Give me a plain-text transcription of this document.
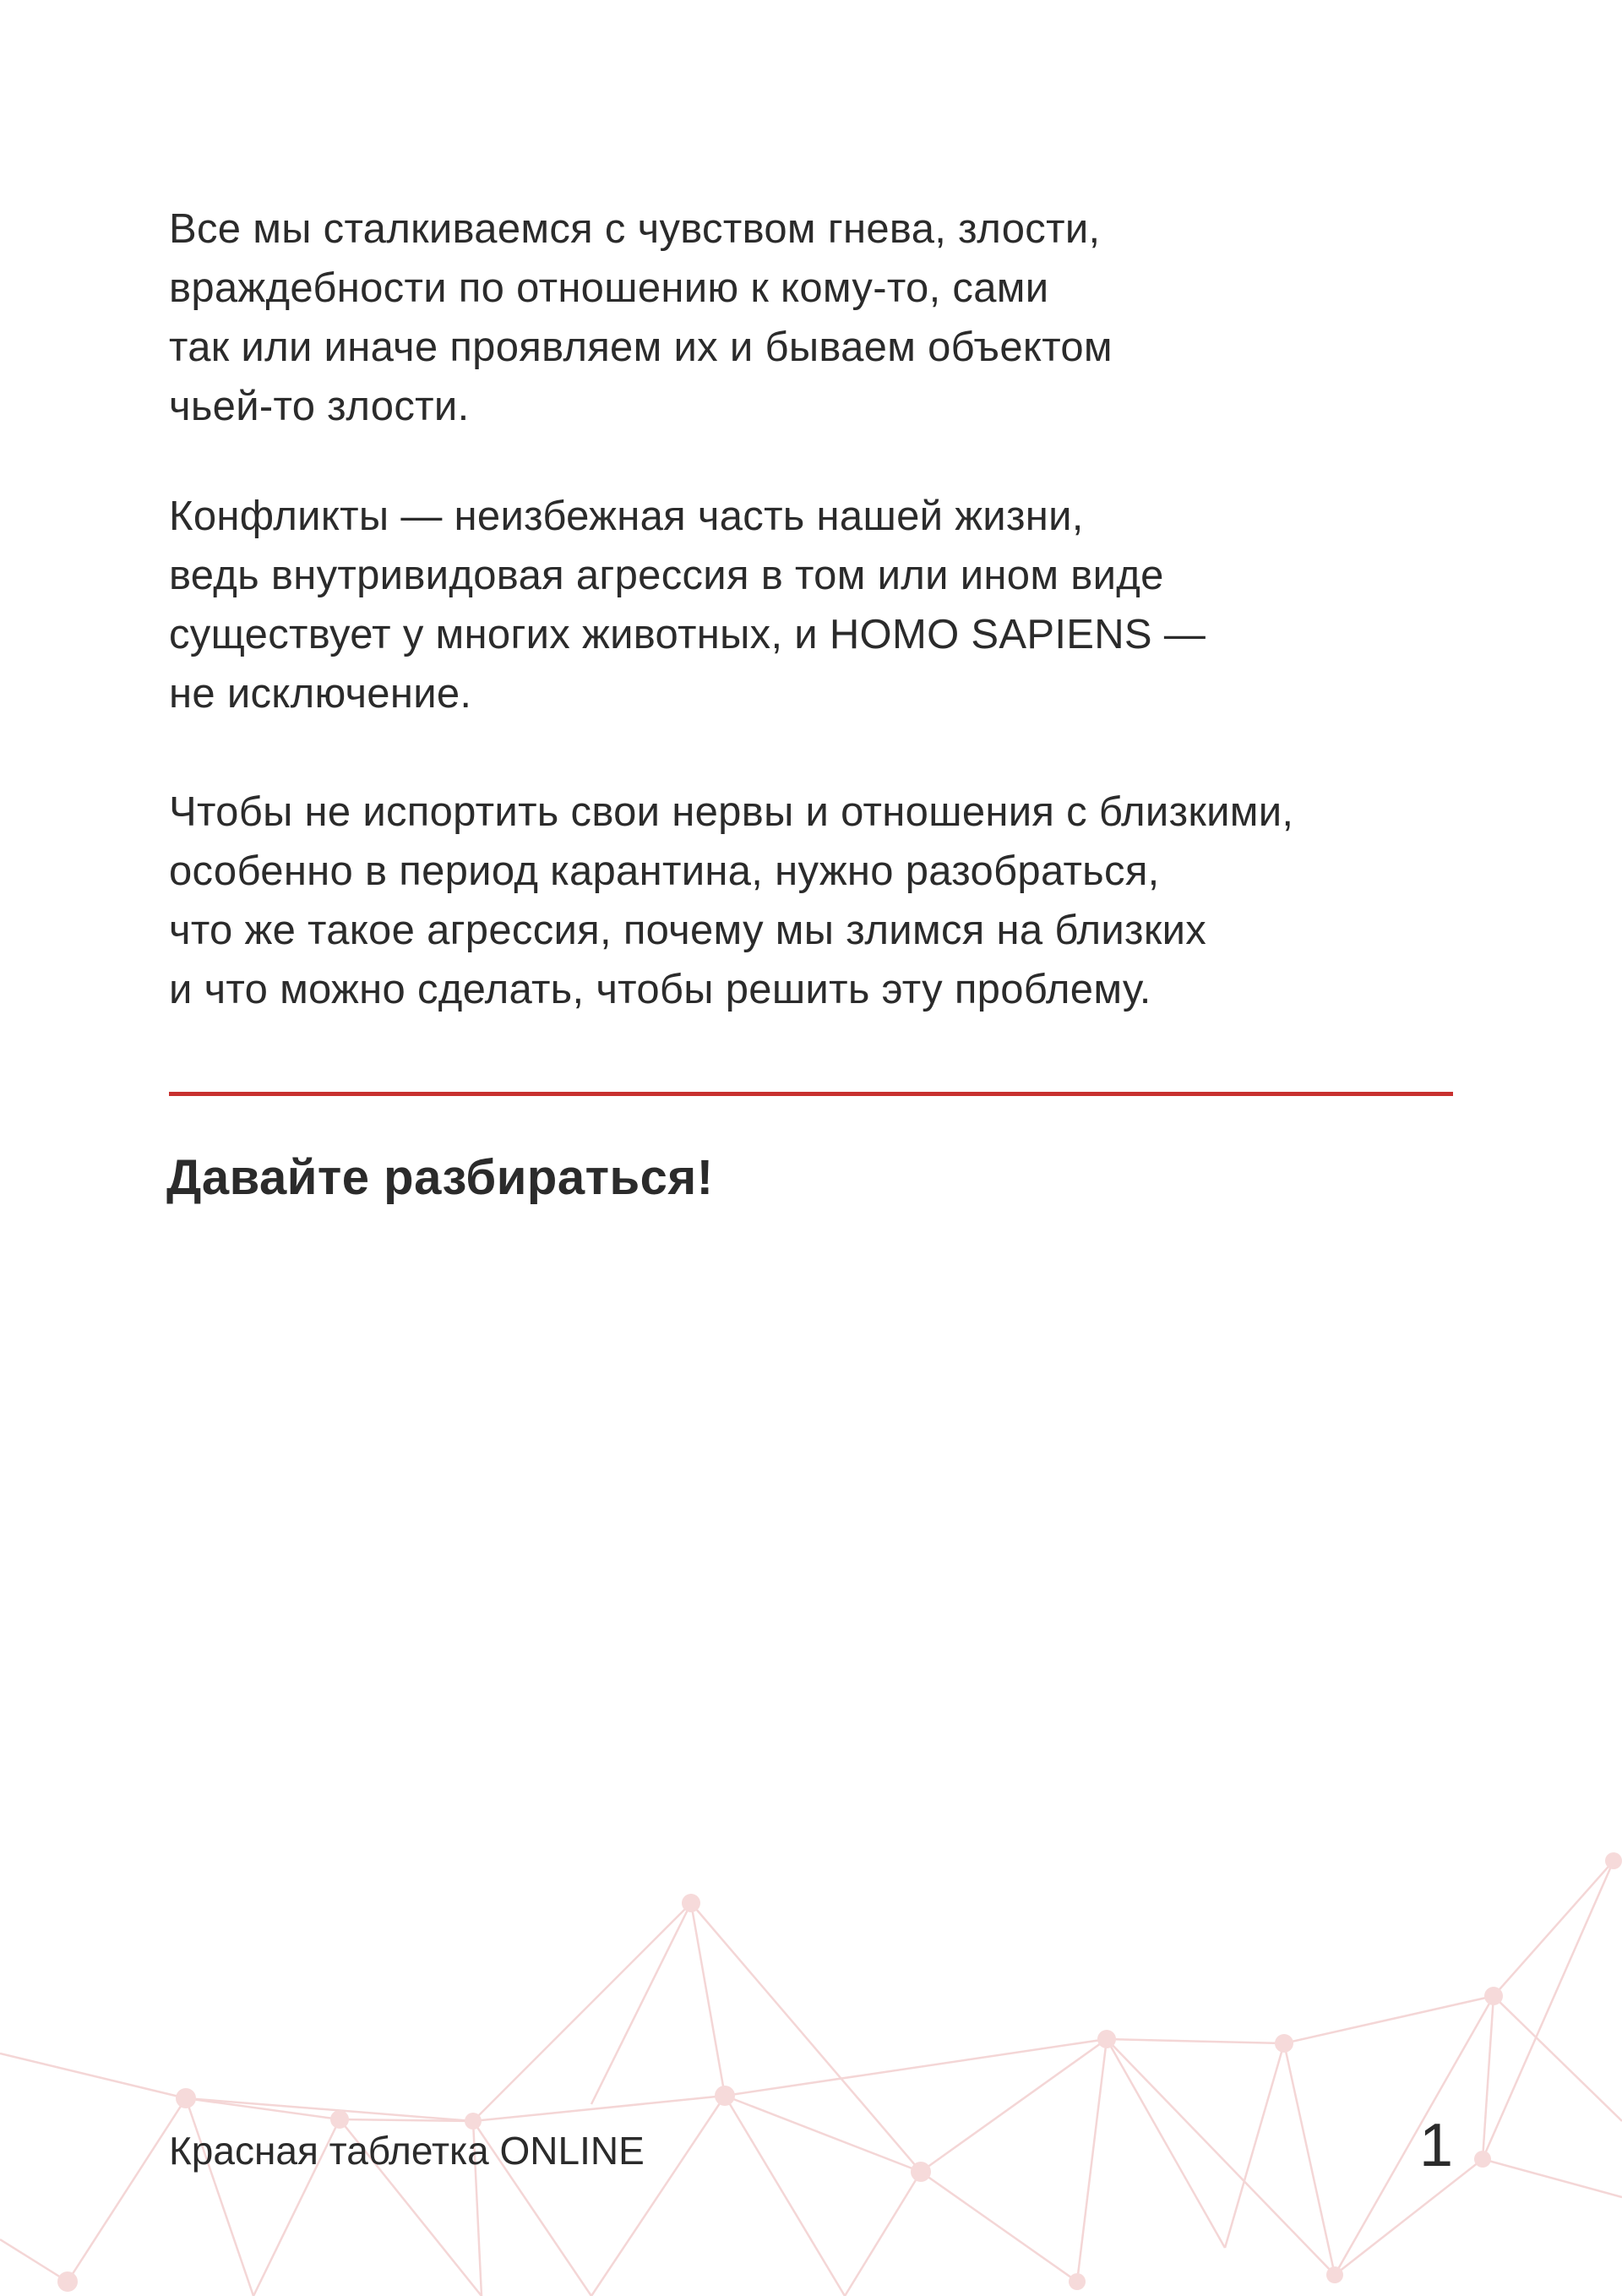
Все мы сталкиваемся с чувством гнева, злости,
враждебности по отношению к кому-то, сами
так или иначе проявляем их и бываем объектом
чьей-то злости.

Конфликты — неизбежная часть нашей жизни,
ведь внутривидовая агрессия в том или ином виде
существует у многих животных, и HOMO SAPIENS —
не исключение.

Чтобы не испортить свои нервы и отношения с близкими,
особенно в период карантина, нужно разобраться,
что же такое агрессия, почему мы злимся на близких
и что можно сделать, чтобы решить эту проблему.

Давайте разбираться!

Красная таблетка ONLINE	1
